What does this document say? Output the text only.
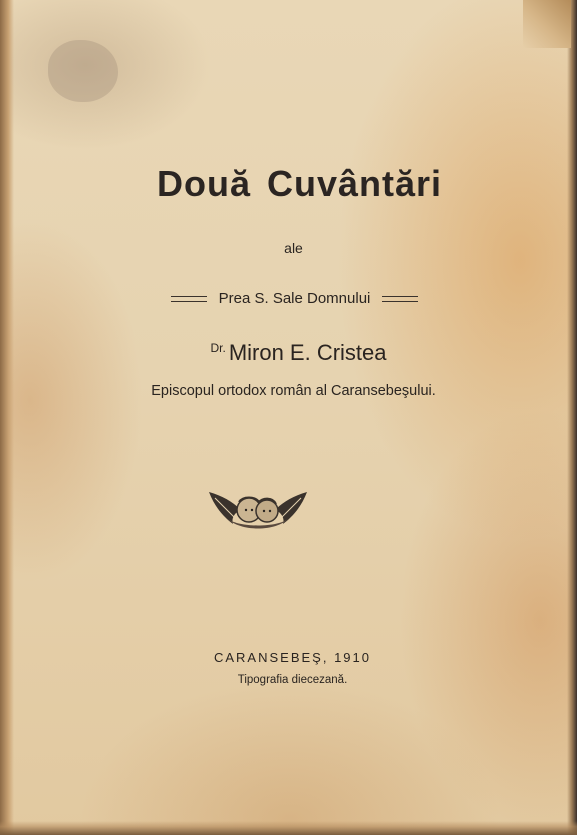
Două Cuvântări
ale
Prea S. Sale Domnului
$^{Dr.}$ Miron E. Cristea
Episcopul ortodox român al Caransebeşului.
CARANSEBEŞ, 1910
Tipografia diecezană.
